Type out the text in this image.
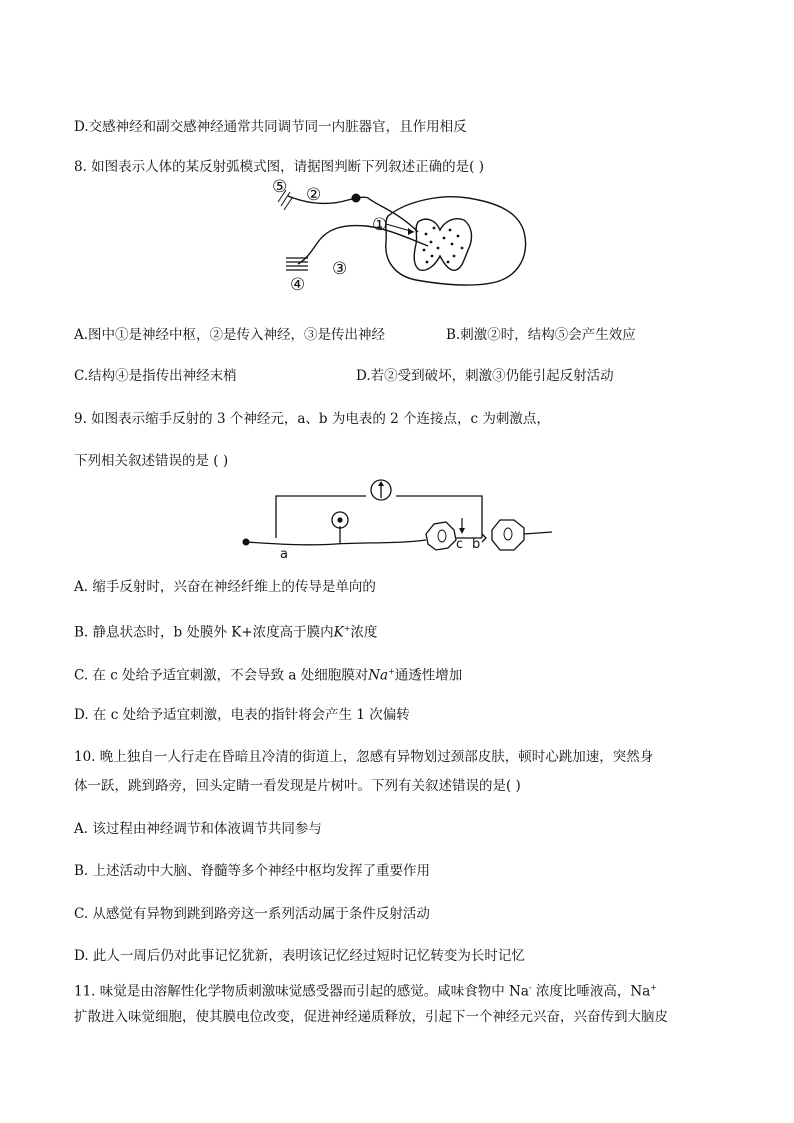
D.交感神经和副交感神经通常共同调节同一内脏器官，且作用相反
8. 如图表示人体的某反射弧模式图，请据图判断下列叙述正确的是( )
⑤ ②
①
③
④
A.图中①是神经中枢，②是传入神经，③是传出神经	B.刺激②时，结构⑤会产生效应
C.结构④是指传出神经末梢	D.若②受到破坏，刺激③仍能引起反射活动
9. 如图表示缩手反射的 3 个神经元，a、b 为电表的 2 个连接点，c 为刺激点，
下列相关叙述错误的是 ( )
a
c b
A. 缩手反射时，兴奋在神经纤维上的传导是单向的
B. 静息状态时，b 处膜外 K+浓度高于膜内K+浓度
C. 在 c 处给予适宜刺激，不会导致 a 处细胞膜对Na+通透性增加
D. 在 c 处给予适宜刺激，电表的指针将会产生 1 次偏转
10. 晚上独自一人行走在昏暗且冷清的街道上，忽感有异物划过颈部皮肤，顿时心跳加速，突然身
体一跃，跳到路旁，回头定睛一看发现是片树叶。下列有关叙述错误的是( )
A. 该过程由神经调节和体液调节共同参与
B. 上述活动中大脑、脊髓等多个神经中枢均发挥了重要作用
C. 从感觉有异物到跳到路旁这一系列活动属于条件反射活动
D. 此人一周后仍对此事记忆犹新，表明该记忆经过短时记忆转变为长时记忆
11. 味觉是由溶解性化学物质刺激味觉感受器而引起的感觉。咸味食物中 Na- 浓度比唾液高，Na+
扩散进入味觉细胞，使其膜电位改变，促进神经递质释放，引起下一个神经元兴奋，兴奋传到大脑皮
